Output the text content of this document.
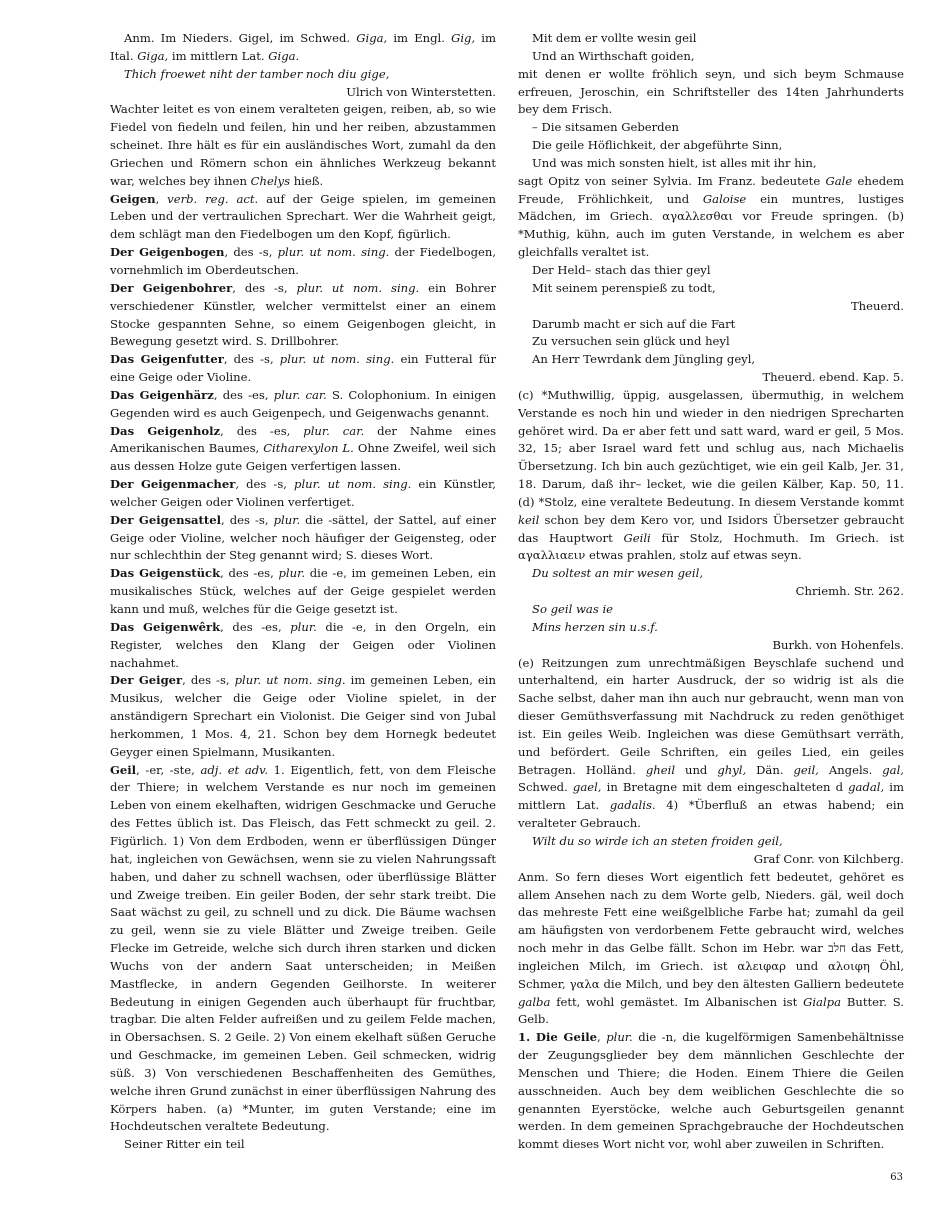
Anm. Im Nieders. Gigel, im Schwed. Giga, im Engl. Gig, im Ital. Giga, im mittlern Lat. Giga.

Thich froewet niht der tamber noch diu gige,

Ulrich von Winterstetten.

Wachter leitet es von einem veralteten geigen, reiben, ab, so wie Fiedel von fiedeln und feilen, hin und her reiben, abzustammen scheinet. Ihre hält es für ein ausländisches Wort, zumahl da den Griechen und Römern schon ein ähnliches Werkzeug bekannt war, welches bey ihnen Chelys hieß.

Geigen, verb. reg. act. auf der Geige spielen, im gemeinen Leben und der vertraulichen Sprechart. Wer die Wahrheit geigt, dem schlägt man den Fiedelbogen um den Kopf, figürlich.

Der Geigenbogen, des -s, plur. ut nom. sing. der Fiedelbogen, vornehmlich im Oberdeutschen.

Der Geigenbohrer, des -s, plur. ut nom. sing. ein Bohrer verschiedener Künstler, welcher vermittelst einer an einem Stocke gespannten Sehne, so einem Geigenbogen gleicht, in Bewegung gesetzt wird. S. Drillbohrer.

Das Geigenfutter, des -s, plur. ut nom. sing. ein Futteral für eine Geige oder Violine.

Das Geigenhärz, des -es, plur. car. S. Colophonium. In einigen Gegenden wird es auch Geigenpech, und Geigenwachs genannt.

Das Geigenholz, des -es, plur. car. der Nahme eines Amerikanischen Baumes, Citharexylon L. Ohne Zweifel, weil sich aus dessen Holze gute Geigen verfertigen lassen.

Der Geigenmacher, des -s, plur. ut nom. sing. ein Künstler, welcher Geigen oder Violinen verfertiget.

Der Geigensattel, des -s, plur. die -sättel, der Sattel, auf einer Geige oder Violine, welcher noch häufiger der Geigensteg, oder nur schlechthin der Steg genannt wird; S. dieses Wort.

Das Geigenstück, des -es, plur. die -e, im gemeinen Leben, ein musikalisches Stück, welches auf der Geige gespielet werden kann und muß, welches für die Geige gesetzt ist.

Das Geigenwêrk, des -es, plur. die -e, in den Orgeln, ein Register, welches den Klang der Geigen oder Violinen nachahmet.

Der Geiger, des -s, plur. ut nom. sing. im gemeinen Leben, ein Musikus, welcher die Geige oder Violine spielet, in der anständigern Sprechart ein Violonist. Die Geiger sind von Jubal herkommen, 1 Mos. 4, 21. Schon bey dem Hornegk bedeutet Geyger einen Spielmann, Musikanten.

Geil, -er, -ste, adj. et adv. 1. Eigentlich, fett, von dem Fleische der Thiere; in welchem Verstande es nur noch im gemeinen Leben von einem ekelhaften, widrigen Geschmacke und Geruche des Fettes üblich ist. Das Fleisch, das Fett schmeckt zu geil. 2. Figürlich. 1) Von dem Erdboden, wenn er überflüssigen Dünger hat, ingleichen von Gewächsen, wenn sie zu vielen Nahrungssaft haben, und daher zu schnell wachsen, oder überflüssige Blätter und Zweige treiben. Ein geiler Boden, der sehr stark treibt. Die Saat wächst zu geil, zu schnell und zu dick. Die Bäume wachsen zu geil, wenn sie zu viele Blätter und Zweige treiben. Geile Flecke im Getreide, welche sich durch ihren starken und dicken Wuchs von der andern Saat unterscheiden; in Meißen Mastflecke, in andern Gegenden Geilhorste. In weiterer Bedeutung in einigen Gegenden auch überhaupt für fruchtbar, tragbar. Die alten Felder aufreißen und zu geilem Felde machen, in Obersachsen. S. 2 Geile. 2) Von einem ekelhaft süßen Geruche und Geschmacke, im gemeinen Leben. Geil schmecken, widrig süß. 3) Von verschiedenen Beschaffenheiten des Gemüthes, welche ihren Grund zunächst in einer überflüssigen Nahrung des Körpers haben. (a) *Munter, im guten Verstande; eine im Hochdeutschen veraltete Bedeutung.

Seiner Ritter ein teil

Mit dem er vollte wesin geil

Und an Wirthschaft goiden,

mit denen er wollte fröhlich seyn, und sich beym Schmause erfreuen, Jeroschin, ein Schriftsteller des 14ten Jahrhunderts bey dem Frisch.

– Die sitsamen Geberden

Die geile Höflichkeit, der abgeführte Sinn,

Und was mich sonsten hielt, ist alles mit ihr hin,

sagt Opitz von seiner Sylvia. Im Franz. bedeutete Gale ehedem Freude, Fröhlichkeit, und Galoise ein muntres, lustiges Mädchen, im Griech. αγαλλεσθαι vor Freude springen. (b) *Muthig, kühn, auch im guten Verstande, in welchem es aber gleichfalls veraltet ist.

Der Held– stach das thier geyl

Mit seinem perenspieß zu todt,

Theuerd.

Darumb macht er sich auf die Fart

Zu versuchen sein glück und heyl

An Herr Tewrdank dem Jüngling geyl,

Theuerd. ebend. Kap. 5.

(c) *Muthwillig, üppig, ausgelassen, übermuthig, in welchem Verstande es noch hin und wieder in den niedrigen Sprecharten gehöret wird. Da er aber fett und satt ward, ward er geil, 5 Mos. 32, 15; aber Israel ward fett und schlug aus, nach Michaelis Übersetzung. Ich bin auch gezüchtiget, wie ein geil Kalb, Jer. 31, 18. Darum, daß ihr– lecket, wie die geilen Kälber, Kap. 50, 11. (d) *Stolz, eine veraltete Bedeutung. In diesem Verstande kommt keil schon bey dem Kero vor, und Isidors Übersetzer gebraucht das Hauptwort Geili für Stolz, Hochmuth. Im Griech. ist αγαλλιαειν etwas prahlen, stolz auf etwas seyn.

Du soltest an mir wesen geil,

Chriemh. Str. 262.

So geil was ie

Mins herzen sin u.s.f.

Burkh. von Hohenfels.

(e) Reitzungen zum unrechtmäßigen Beyschlafe suchend und unterhaltend, ein harter Ausdruck, der so widrig ist als die Sache selbst, daher man ihn auch nur gebraucht, wenn man von dieser Gemüthsverfassung mit Nachdruck zu reden genöthiget ist. Ein geiles Weib. Ingleichen was diese Gemüthsart verräth, und befördert. Geile Schriften, ein geiles Lied, ein geiles Betragen. Holländ. gheil und ghyl, Dän. geil, Angels. gal, Schwed. gael, in Bretagne mit dem eingeschalteten d gadal, im mittlern Lat. gadalis. 4) *Überfluß an etwas habend; ein veralteter Gebrauch.

Wilt du so wirde ich an steten froiden geil,

Graf Conr. von Kilchberg.

Anm. So fern dieses Wort eigentlich fett bedeutet, gehöret es allem Ansehen nach zu dem Worte gelb, Nieders. gäl, weil doch das mehreste Fett eine weißgelbliche Farbe hat; zumahl da geil am häufigsten von verdorbenem Fette gebraucht wird, welches noch mehr in das Gelbe fällt. Schon im Hebr. war חלב das Fett, ingleichen Milch, im Griech. ist αλειφαρ und αλοιφη Öhl, Schmer, γαλα die Milch, und bey den ältesten Galliern bedeutete galba fett, wohl gemästet. Im Albanischen ist Gialpa Butter. S. Gelb.

1. Die Geile, plur. die -n, die kugelförmigen Samenbehältnisse der Zeugungsglieder bey dem männlichen Geschlechte der Menschen und Thiere; die Hoden. Einem Thiere die Geilen ausschneiden. Auch bey dem weiblichen Geschlechte die so genannten Eyerstöcke, welche auch Geburtsgeilen genannt werden. In dem gemeinen Sprachgebrauche der Hochdeutschen kommt dieses Wort nicht vor, wohl aber zuweilen in Schriften.

63
